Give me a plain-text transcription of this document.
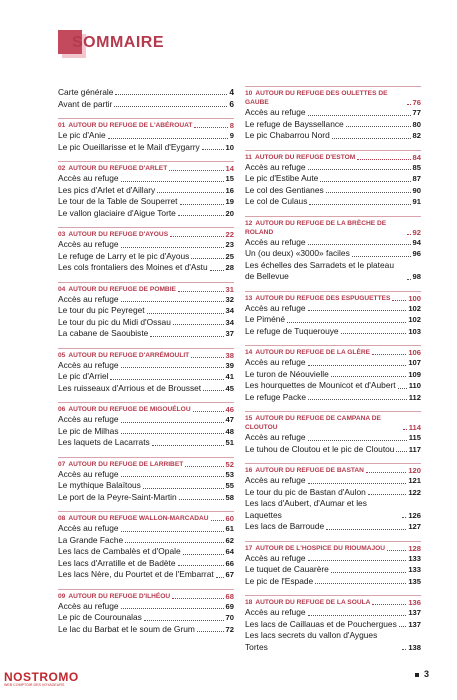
SOMMAIRE
Carte générale	4
Avant de partir	6
01 AUTOUR DU REFUGE DE L'ABÉROUAT	8
Le pic d'Anie	9
Le pic Oueillarisse et le Mail d'Eygarry	10
02 AUTOUR DU REFUGE D'ARLET	14
Accès au refuge	15
Les pics d'Arlet et d'Aillary	16
Le tour de la Table de Souperret	19
Le vallon glaciaire d'Aigue Torte	20
03 AUTOUR DU REFUGE D'AYOUS	22
Accès au refuge	23
Le refuge de Larry et le pic d'Ayous	25
Les cols frontaliers des Moines et d'Astu 28
04 AUTOUR DU REFUGE DE POMBIE	31
Accès au refuge	32
Le tour du pic Peyreget	34
Le tour du pic du Midi d'Ossau	34
La cabane de Saoubiste	37
05 AUTOUR DU REFUGE D'ARRÉMOULIT	38
Accès au refuge	39
Le pic d'Arriel	41
Les ruisseaux d'Arrious et de Brousset	45
06 AUTOUR DU REFUGE DE MIGOUÉLOU	46
Accès au refuge	47
Le pic de Milhas	48
Les laquets de Lacarrats	51
07 AUTOUR DU REFUGE DE LARRIBET	52
Accès au refuge	53
Le mythique Balaïtous	55
Le port de la Peyre-Saint-Martin	58
08 AUTOUR DU REFUGE WALLON-MARCADAU 60
Accès au refuge	61
La Grande Fache	62
Les lacs de Cambalès et d'Opale	64
Les lacs d'Arratille et de Badète	66
Les lacs Nère, du Pourtet et de l'Embarrat 67
09 AUTOUR DU REFUGE D'ILHÉOU	68
Accès au refuge	69
Le pic de Courounalas	70
Le lac du Barbat et le soum de Grum	72
10 AUTOUR DU REFUGE DES OULETTES DE GAUBE	76
Accès au refuge	77
Le refuge de Bayssellance	80
Le pic Chabarrou Nord	82
11 AUTOUR DU REFUGE D'ESTOM	84
Accès au refuge	85
Le pic d'Estibe Aute	87
Le col des Gentianes	90
Le col de Culaus	91
12 AUTOUR DU REFUGE DE LA BRÈCHE DE ROLAND	92
Accès au refuge	94
Un (ou deux) «3000» faciles	96
Les échelles des Sarradets et le plateau de Bellevue	98
13 AUTOUR DU REFUGE DES ESPUGUETTES 100
Accès au refuge	102
Le Piméné	102
Le refuge de Tuquerouye	103
14 AUTOUR DU REFUGE DE LA GLÈRE	106
Accès au refuge	107
Le turon de Néouvielle	109
Les hourquettes de Mounicot et d'Aubert 110
Le refuge Packe	112
15 AUTOUR DU REFUGE DE CAMPANA DE CLOUTOU	114
Accès au refuge	115
Le tuhou de Cloutou et le pic de Cloutou 117
16 AUTOUR DU REFUGE DE BASTAN	120
Accès au refuge	121
Le tour du pic de Bastan d'Aulon	122
Les lacs d'Aubert, d'Aumar et les Laquettes	126
Les lacs de Barroude	127
17 AUTOUR DE L'HOSPICE DU RIOUMAJOU	128
Accès au refuge	133
Le tuquet de Cauarère	133
Le pic de l'Espade	135
18 AUTOUR DU REFUGE DE LA SOULA	136
Accès au refuge	137
Les lacs de Caillauas et de Pouchergues 137
Les lacs secrets du vallon d'Aygues Tortes	138
NOSTROMO
WEB COMPTOIR DES VOYAGEURS
3
